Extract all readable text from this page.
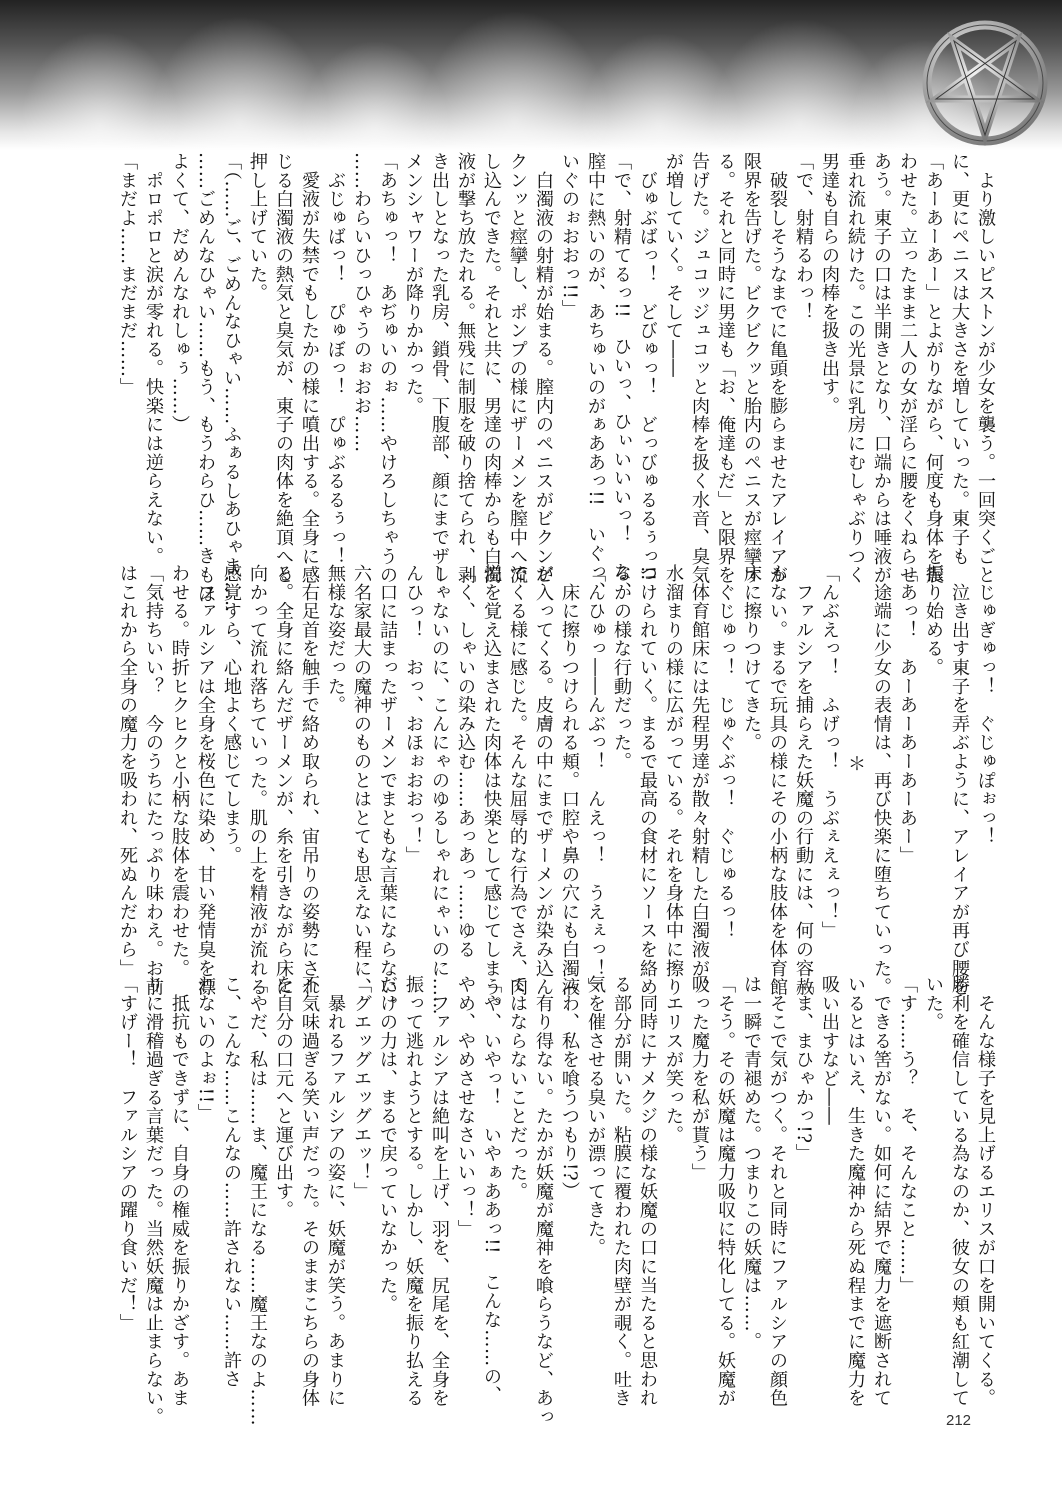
　より激しいピストンが少女を襲う。一回突くごと
に、更にペニスは大きさを増していった。東子も
「あーあーあー」とよがりながら、何度も身体を震
わせた。立ったまま二人の女が淫らに腰をくねらせ
あう。東子の口は半開きとなり、口端からは唾液が
垂れ流れ続けた。この光景に乳房にむしゃぶりつく
男達も自らの肉棒を扱き出す。
「で、射精るわっ！
　破裂しそうなまでに亀頭を膨らませたアレイアが
限界を告げた。ビクビクッと胎内のペニスが痙攣す
る。それと同時に男達も「お、俺達もだ」と限界を
告げた。ジュコッジュコッと肉棒を扱く水音、臭気
が増していく。そして――
　びゅぶばっ！　どびゅっ！　どっびゅるるぅっ!!
「で、射精てるっ!!　ひいっ、ひぃいいいっ！　な、
膣中に熱いのが、あちゅいのがぁああっ!!　いぐっ、
いぐのぉおおっ!!」
　白濁液の射精が始まる。膣内のペニスがビクンビ
クンッと痙攣し、ポンプの様にザーメンを膣中へ流
し込んできた。それと共に、男達の肉棒からも白濁
液が撃ち放たれる。無残に制服を破り捨てられ、剥
き出しとなった乳房、鎖骨、下腹部、顔にまでザー
メンシャワーが降りかかった。
「あちゅっ！　あぢゅいのぉ……やけろしちゃうの
……わらいひっひゃうのぉおお……
　ぶじゅばっ！　ぴゅぼっ！　ぴゅぶるるぅっ！
　愛液が失禁でもしたかの様に噴出する。全身に感
じる白濁液の熱気と臭気が、東子の肉体を絶頂へと
押し上げていた。
「（……ご、ごめんなひゃい……ふぁるしあひゃま……
……ごめんなひゃい……もう、もうわらひ……きもほ
よくて、だめんなれしゅぅ……）
　ポロポロと涙が零れる。快楽には逆らえない。
「まだよ……まだまだ……」
　じゅぎゅっ！　ぐじゅぽぉっ！
　泣き出す東子を弄ぶように、アレイアが再び腰を
振り始める。
「あっ！　あーあーあーあーあー」
　途端に少女の表情は、再び快楽に堕ちていった。
＊
「んぶえっ！　ふげっ！　うぶぇえぇっ！」
　ファルシアを捕らえた妖魔の行動には、何の容赦
もない。まるで玩具の様にその小柄な肢体を体育館
床に擦りつけてきた。
　ぐじゅっ！　じゅぐぶっ！　ぐじゅるっ！
　体育館床には先程男達が散々射精した白濁液が、
水溜まりの様に広がっている。それを身体中に擦り
つけられていく。まるで最高の食材にソースを絡め
るかの様な行動だった。
「んひゅっ――んぶっ！　んえっ！　うえぇっ！」
　床に擦りつけられる頬。口腔や鼻の穴にも白濁液
が入ってくる。皮膚の中にまでザーメンが染み込ん
でくる様に感じた。そんな屈辱的な行為でさえ、肉
悦を覚え込まされた肉体は快楽として感じてしまう。
「く、しゃいの染み込む……あっあっ……ゆる
しゃないのに、こんにゃのゆるしゃれにゃいのに……
んひっ！　おっ、おほぉおおっ！」
　口に詰まったザーメンでまともな言葉にならない。
六名家最大の魔神のものとはとても思えない程に、
無様な姿だった。
　右足首を触手で絡め取られ、宙吊りの姿勢にされ
る。全身に絡んだザーメンが、糸を引きながら床に
向かって流れ落ちていった。肌の上を精液が流れる
感覚すら、心地よく感じてしまう。
　ファルシアは全身を桜色に染め、甘い発情臭を漂
わせる。時折ヒクヒクと小柄な肢体を震わせた。
「気持ちいい？　今のうちにたっぷり味わえ。お前
はこれから全身の魔力を吸われ、死ぬんだから」
　そんな様子を見上げるエリスが口を開いてくる。
勝利を確信している為なのか、彼女の頬も紅潮して
いた。
「す……う？　そ、そんなこと……」
　できる筈がない。如何に結界で魔力を遮断されて
いるとはいえ、生きた魔神から死ぬ程までに魔力を
吸い出すなど――
「ま、まひゃかっ!?」
　そこで気がつく。それと同時にファルシアの顔色
は一瞬で青褪めた。つまりこの妖魔は……。
「そう。その妖魔は魔力吸収に特化してる。妖魔が
吸った魔力を私が貰う」
　エリスが笑った。
　同時にナメクジの様な妖魔の口に当たると思われ
る部分が開いた。粘膜に覆われた肉壁が覗く。吐き
気を催させる臭いが漂ってきた。
（わ、私を喰うつもり!?）
　有り得ない。たかが妖魔が魔神を喰らうなど、あっ
てはならないことだった。
「や、いやっ！　いやぁああっ!!　こんな……の、
やめ、やめさせなさいいっ！」
　ファルシアは絶叫を上げ、羽を、尻尾を、全身を
振って逃れようとする。しかし、妖魔を振り払える
だけの力は、まるで戻っていなかった。
「グエッグエッグエッ！」
　暴れるファルシアの姿に、妖魔が笑う。あまりに
不気味過ぎる笑い声だった。そのままこちらの身体
を自分の口元へと運び出す。
「やだ、私は……ま、魔王になる……魔王なのよ……
こ、こんな……こんなの……許されない……許さ
れないのよぉ!!」
　抵抗もできずに、自身の権威を振りかざす。あま
りに滑稽過ぎる言葉だった。当然妖魔は止まらない。
「すげー！　ファルシアの躍り食いだ！」
212
